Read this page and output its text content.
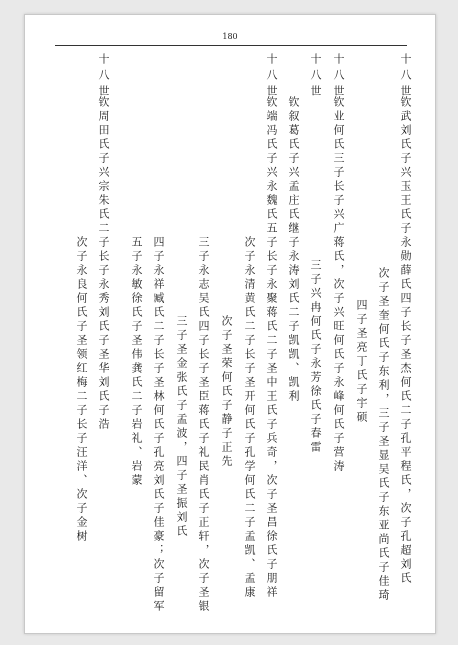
180
十八世
十八世
十八世
十八世
十八世
钦武刘氏子兴玉王氏子永勋薛氏四子长子圣杰何氏二子孔平程氏，次子孔超刘氏
次子圣奎何氏子东利，三子圣显吴氏子东亚尚氏子佳琦
四子圣亮丁氏子宇硕
钦业何氏三子长子兴广蒋氏，次子兴旺何氏子永峰何氏子营涛
三子兴冉何氏子永芳徐氏子春雷
钦叙葛氏子兴孟庄氏继子永涛刘氏二子凯凯、凯利
钦端冯氏子兴永魏氏五子长子永聚蒋氏二子圣中王氏子兵奇，次子圣昌徐氏子朋祥
次子永清黄氏二子长子圣开何氏子孔学何氏二子孟凯、孟康
次子圣荣何氏子静子正先
三子永志吴氏四子长子圣臣蒋氏子礼民肖氏子正轩，次子圣银
三子圣金张氏子孟波，四子圣振刘氏
四子永祥臧氏二子长子圣林何氏子孔亮刘氏子佳豪；次子留军
五子永敏徐氏子圣伟龚氏二子岩礼、岩蒙
钦周田氏子兴宗朱氏二子长子永秀刘氏子圣华刘氏子浩
次子永良何氏子圣领红梅二子长子汪洋、次子金树
